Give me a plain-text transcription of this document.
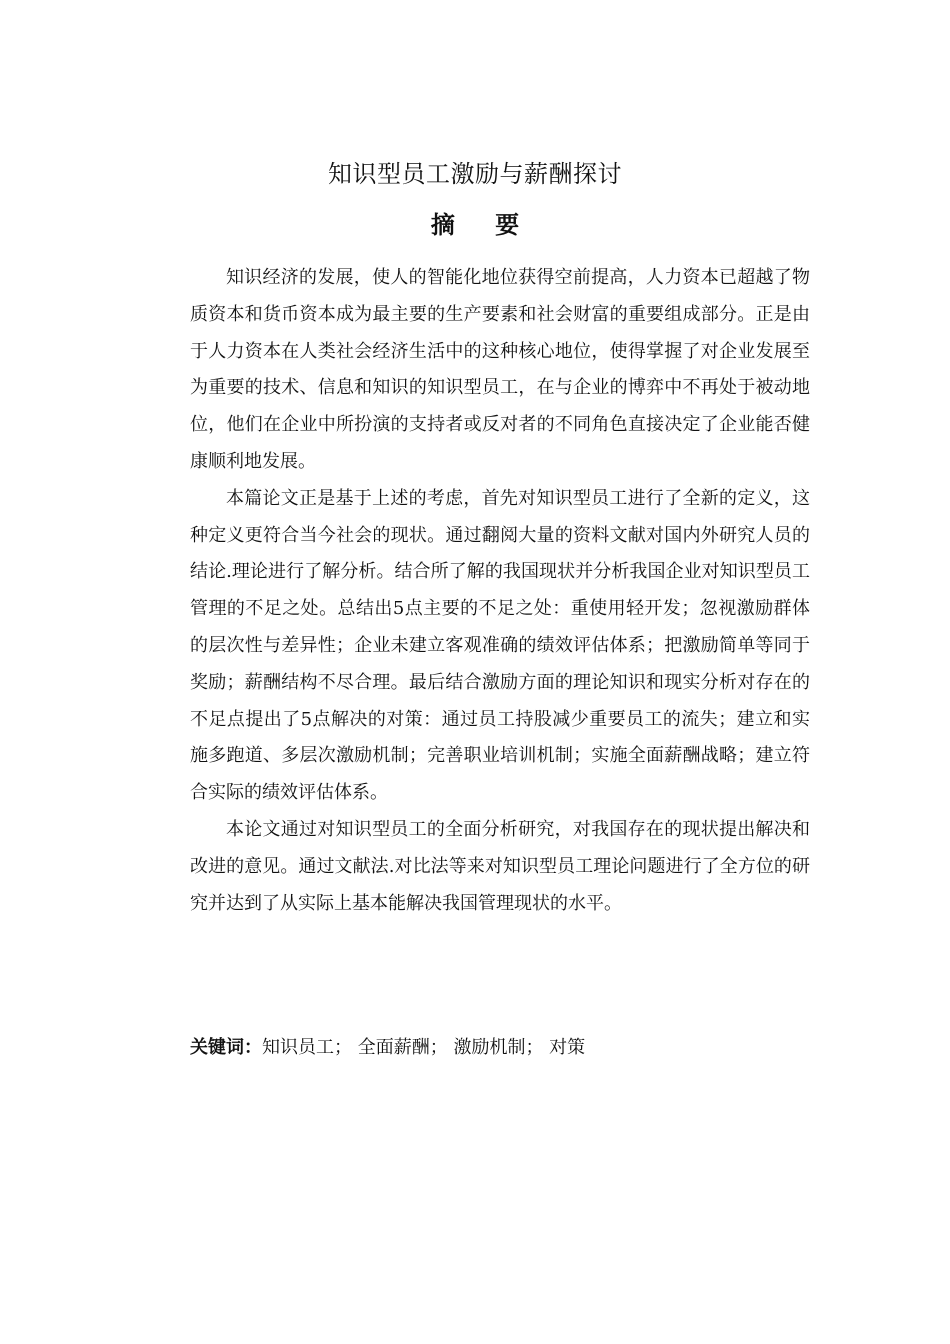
知识型员工激励与薪酬探讨
摘 要

知识经济的发展，使人的智能化地位获得空前提高，人力资本已超越了物质资本和货币资本成为最主要的生产要素和社会财富的重要组成部分。正是由于人力资本在人类社会经济生活中的这种核心地位，使得掌握了对企业发展至为重要的技术、信息和知识的知识型员工，在与企业的博弈中不再处于被动地位，他们在企业中所扮演的支持者或反对者的不同角色直接决定了企业能否健康顺利地发展。

本篇论文正是基于上述的考虑，首先对知识型员工进行了全新的定义，这种定义更符合当今社会的现状。通过翻阅大量的资料文献对国内外研究人员的结论.理论进行了解分析。结合所了解的我国现状并分析我国企业对知识型员工管理的不足之处。总结出5点主要的不足之处：重使用轻开发；忽视激励群体的层次性与差异性；企业未建立客观准确的绩效评估体系；把激励简单等同于奖励；薪酬结构不尽合理。最后结合激励方面的理论知识和现实分析对存在的不足点提出了5点解决的对策：通过员工持股减少重要员工的流失；建立和实施多跑道、多层次激励机制；完善职业培训机制；实施全面薪酬战略；建立符合实际的绩效评估体系。

本论文通过对知识型员工的全面分析研究，对我国存在的现状提出解决和改进的意见。通过文献法.对比法等来对知识型员工理论问题进行了全方位的研究并达到了从实际上基本能解决我国管理现状的水平。

关键词：知识员工； 全面薪酬； 激励机制； 对策
